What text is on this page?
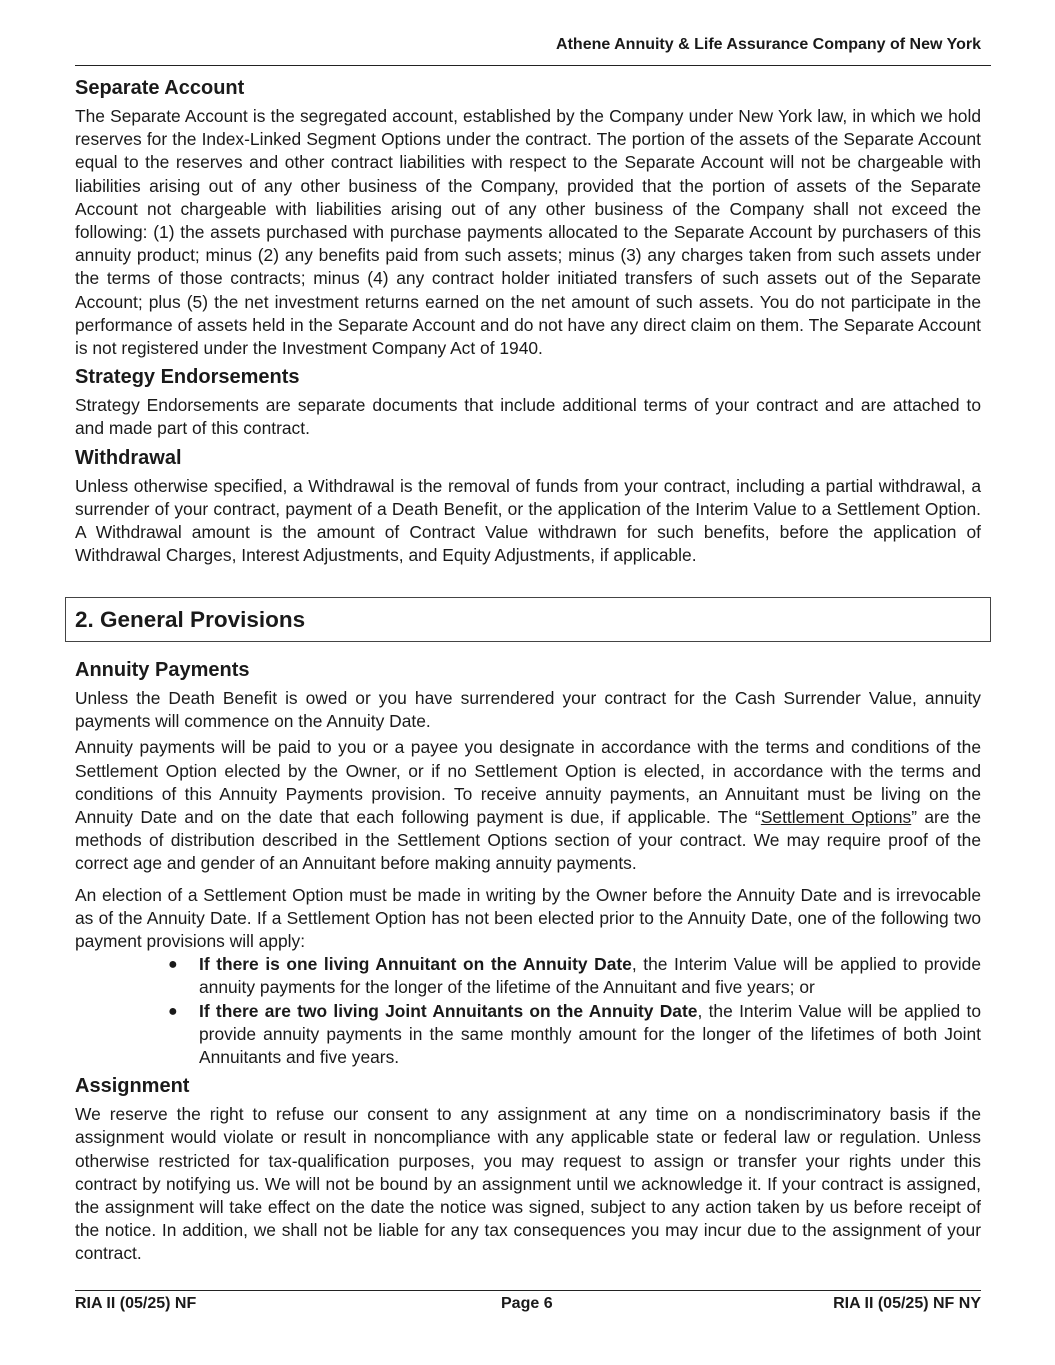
Athene Annuity & Life Assurance Company of New York
Separate Account

The Separate Account is the segregated account, established by the Company under New York law, in which we hold reserves for the Index-Linked Segment Options under the contract. The portion of the assets of the Separate Account equal to the reserves and other contract liabilities with respect to the Separate Account will not be chargeable with liabilities arising out of any other business of the Company, provided that the portion of assets of the Separate Account not chargeable with liabilities arising out of any other business of the Company shall not exceed the following: (1) the assets purchased with purchase payments allocated to the Separate Account by purchasers of this annuity product; minus (2) any benefits paid from such assets; minus (3) any charges taken from such assets under the terms of those contracts; minus (4) any contract holder initiated transfers of such assets out of the Separate Account; plus (5) the net investment returns earned on the net amount of such assets. You do not participate in the performance of assets held in the Separate Account and do not have any direct claim on them. The Separate Account is not registered under the Investment Company Act of 1940.

Strategy Endorsements

Strategy Endorsements are separate documents that include additional terms of your contract and are attached to and made part of this contract.

Withdrawal

Unless otherwise specified, a Withdrawal is the removal of funds from your contract, including a partial withdrawal, a surrender of your contract, payment of a Death Benefit, or the application of the Interim Value to a Settlement Option. A Withdrawal amount is the amount of Contract Value withdrawn for such benefits, before the application of Withdrawal Charges, Interest Adjustments, and Equity Adjustments, if applicable.

2. General Provisions
Annuity Payments

Unless the Death Benefit is owed or you have surrendered your contract for the Cash Surrender Value, annuity payments will commence on the Annuity Date.

Annuity payments will be paid to you or a payee you designate in accordance with the terms and conditions of the Settlement Option elected by the Owner, or if no Settlement Option is elected, in accordance with the terms and conditions of this Annuity Payments provision. To receive annuity payments, an Annuitant must be living on the Annuity Date and on the date that each following payment is due, if applicable. The “Settlement Options” are the methods of distribution described in the Settlement Options section of your contract. We may require proof of the correct age and gender of an Annuitant before making annuity payments.

An election of a Settlement Option must be made in writing by the Owner before the Annuity Date and is irrevocable as of the Annuity Date. If a Settlement Option has not been elected prior to the Annuity Date, one of the following two payment provisions will apply:

● If there is one living Annuitant on the Annuity Date, the Interim Value will be applied to provide annuity payments for the longer of the lifetime of the Annuitant and five years; or
● If there are two living Joint Annuitants on the Annuity Date, the Interim Value will be applied to provide annuity payments in the same monthly amount for the longer of the lifetimes of both Joint Annuitants and five years.
Assignment

We reserve the right to refuse our consent to any assignment at any time on a nondiscriminatory basis if the assignment would violate or result in noncompliance with any applicable state or federal law or regulation. Unless otherwise restricted for tax-qualification purposes, you may request to assign or transfer your rights under this contract by notifying us. We will not be bound by an assignment until we acknowledge it. If your contract is assigned, the assignment will take effect on the date the notice was signed, subject to any action taken by us before receipt of the notice. In addition, we shall not be liable for any tax consequences you may incur due to the assignment of your contract.

RIA II (05/25) NF	Page 6	RIA II (05/25) NF NY
